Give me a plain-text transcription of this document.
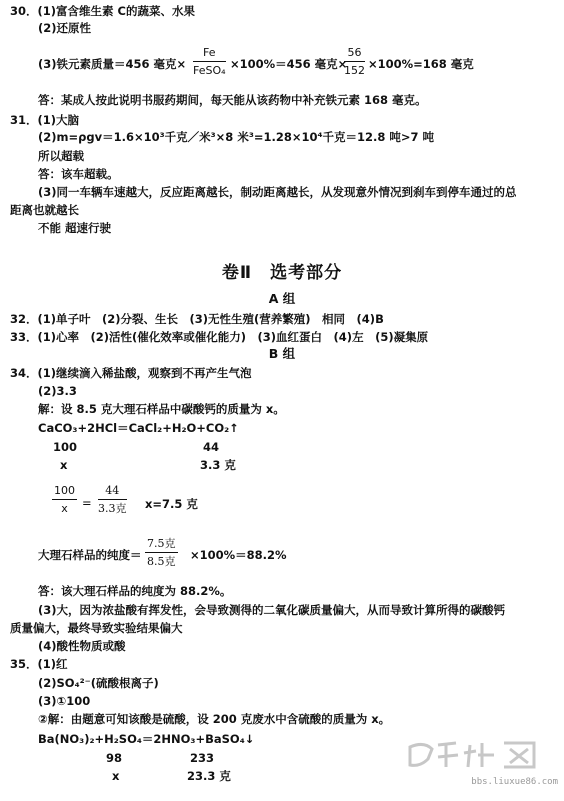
30．(1)富含维生素 C的蔬菜、水果
(2)还原性
(3)铁元素质量＝456 毫克×
Fe
FeSO₄ ×100%＝456 毫克×
$\frac{56}{152} \times 100\%=168$ 毫克
答：某成人按此说明书服药期间，每天能从该药物中补充铁元素 168 毫克。
31．(1)大脑
(2)m=ρgv＝1.6×10³千克／米³×8 米³=1.28×10⁴千克＝12.8 吨>7 吨
所以超载
答：该车超载。
(3)同一车辆车速越大，反应距离越长，制动距离越长，从发现意外情况到刹车到停车通过的总
距离也就越长
不能 超速行驶
卷Ⅱ　选考部分
A 组
32．(1)单子叶　(2)分裂、生长　(3)无性生殖(营养繁殖)　相同　(4)B
33．(1)心率　(2)活性(催化效率或催化能力)　(3)血红蛋白　(4)左　(5)凝集原
B 组
34．(1)继续滴入稀盐酸，观察到不再产生气泡
(2)3.3
解：设 8.5 克大理石样品中碳酸钙的质量为 x。
CaCO₃+2HCl＝CaCl₂+H₂O+CO₂↑
100	44
x	3.3 克
$\frac{100}{x}$ =
44
3.3克 x=7.5 克
大理石样品的纯度＝
7.5克
8.5克 ×100%＝88.2%
答：该大理石样品的纯度为 88.2%。
(3)大，因为浓盐酸有挥发性，会导致测得的二氧化碳质量偏大，从而导致计算所得的碳酸钙
质量偏大，最终导致实验结果偏大
(4)酸性物质或酸
35．(1)红
(2)SO₄²⁻(硫酸根离子)
(3)①100
②解：由题意可知该酸是硫酸，设 200 克废水中含硫酸的质量为 x。
Ba(NO₃)₂+H₂SO₄＝2HNO₃+BaSO₄↓
98	233
x	23.3 克	bbs.liuxue86.com
